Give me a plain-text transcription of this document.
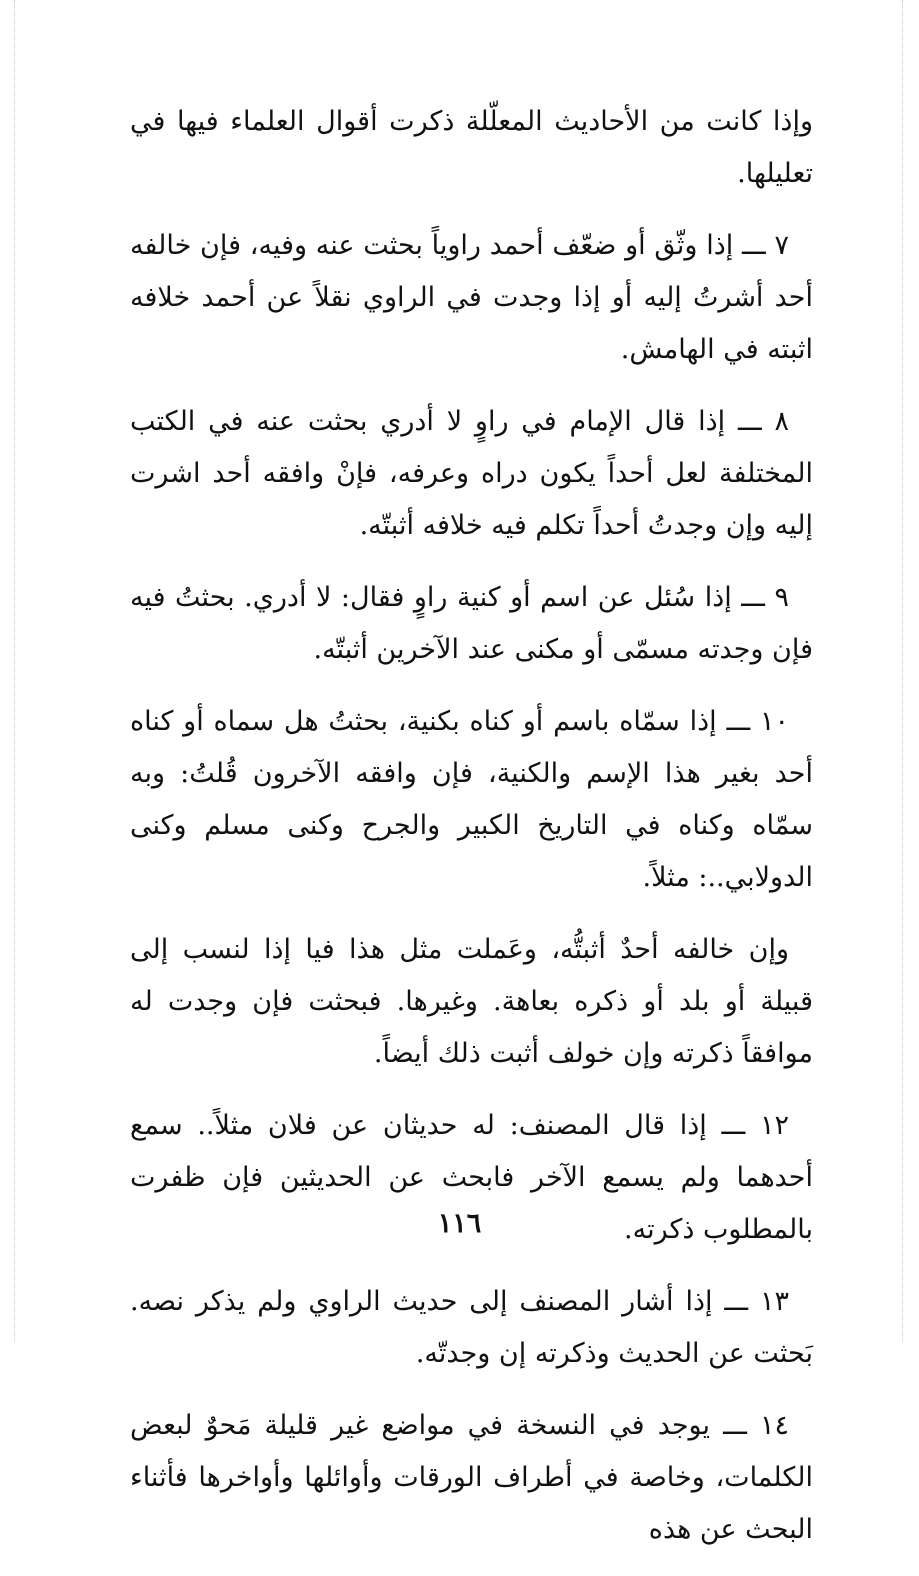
وإذا كانت من الأحاديث المعلّلة ذكرت أقوال العلماء فيها في تعليلها.

٧ ـــ إذا وثّق أو ضعّف أحمد راوياً بحثت عنه وفيه، فإن خالفه أحد أشرتُ إليه أو إذا وجدت في الراوي نقلاً عن أحمد خلافه اثبته في الهامش.

٨ ـــ إذا قال الإمام في راوٍ لا أدري بحثت عنه في الكتب المختلفة لعل أحداً يكون دراه وعرفه، فإنْ وافقه أحد اشرت إليه وإن وجدتُ أحداً تكلم فيه خلافه أثبتّه.

٩ ـــ إذا سُئل عن اسم أو كنية راوٍ فقال: لا أدري. بحثتُ فيه فإن وجدته مسمّى أو مكنى عند الآخرين أثبتّه.

١٠ ـــ إذا سمّاه باسم أو كناه بكنية، بحثتُ هل سماه أو كناه أحد بغير هذا الإسم والكنية، فإن وافقه الآخرون قُلتُ: وبه سمّاه وكناه في التاريخ الكبير والجرح وكنى مسلم وكنى الدولابي..: مثلاً.

وإن خالفه أحدٌ أثبتُّه، وعَملت مثل هذا فيا إذا لنسب إلى قبيلة أو بلد أو ذكره بعاهة. وغيرها. فبحثت فإن وجدت له موافقاً ذكرته وإن خولف أثبت ذلك أيضاً.

١٢ ـــ إذا قال المصنف: له حديثان عن فلان مثلاً.. سمع أحدهما ولم يسمع الآخر فابحث عن الحديثين فإن ظفرت بالمطلوب ذكرته.

١٣ ـــ إذا أشار المصنف إلى حديث الراوي ولم يذكر نصه. بَحثت عن الحديث وذكرته إن وجدتّه.

١٤ ـــ يوجد في النسخة في مواضع غير قليلة مَحوٌ لبعض الكلمات، وخاصة في أطراف الورقات وأوائلها وأواخرها فأثناء البحث عن هذه

١١٦
